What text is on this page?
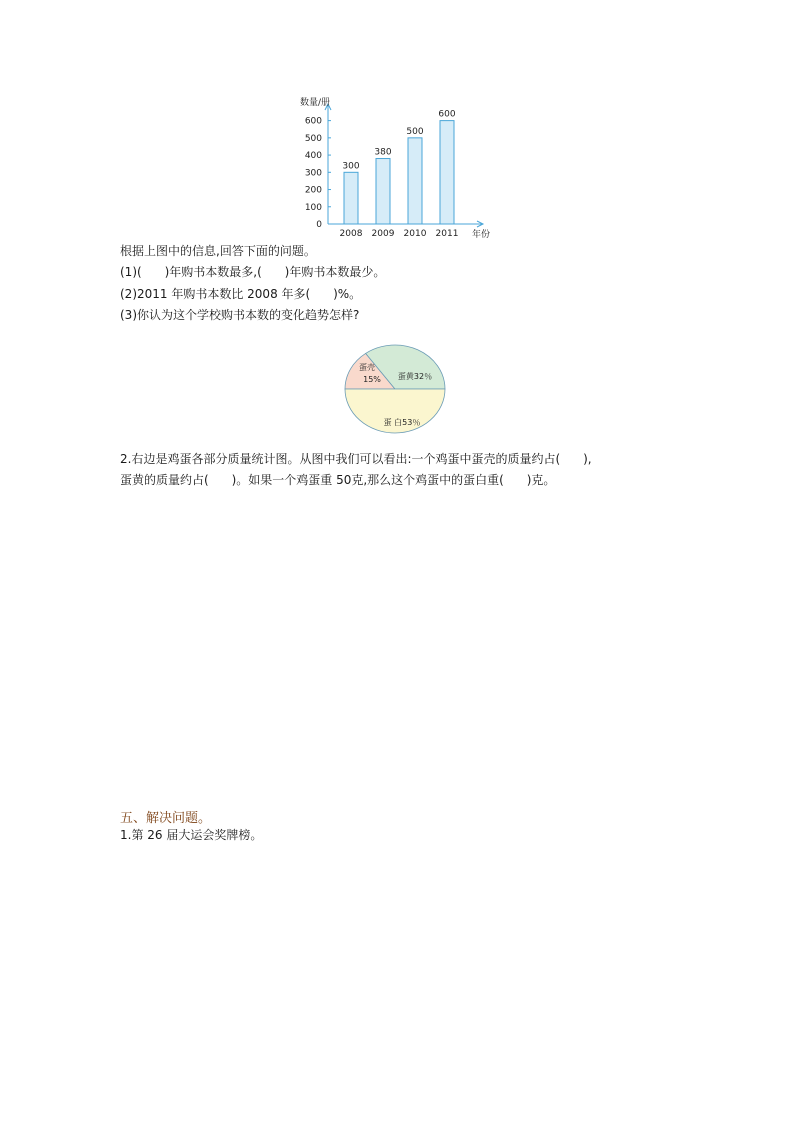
数量/册
年份
0
100
200
300
400
500
600
300
2008
380
2009
500
2010
600
2011
根据上图中的信息,回答下面的问题。
(1)(      )年购书本数最多,(      )年购书本数最少。
(2)2011 年购书本数比 2008 年多(      )%。
(3)你认为这个学校购书本数的变化趋势怎样?
蛋壳
15% 蛋黄32％
蛋 白53％
2.右边是鸡蛋各部分质量统计图。从图中我们可以看出:一个鸡蛋中蛋壳的质量约占(      ),
蛋黄的质量约占(      )。如果一个鸡蛋重 50克,那么这个鸡蛋中的蛋白重(      )克。
五、解决问题。
1.第 26 届大运会奖牌榜。
